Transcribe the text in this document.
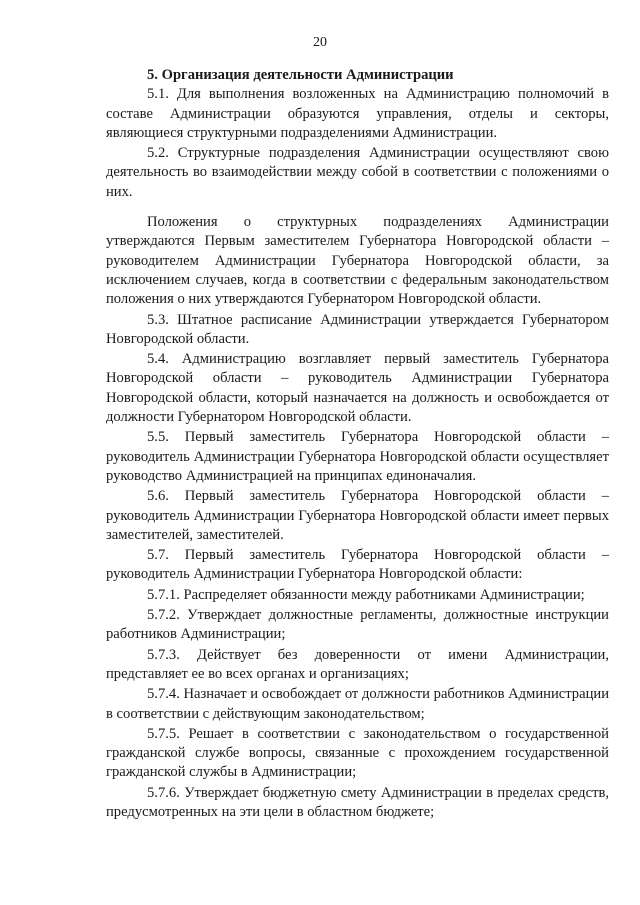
20

5. Организация деятельности Администрации

5.1. Для выполнения возложенных на Администрацию полномочий в составе Администрации образуются управления, отделы и секторы, являющиеся структурными подразделениями Администрации.

5.2. Структурные подразделения Администрации осуществляют свою деятельность во взаимодействии между собой в соответствии с положениями о них.

Положения о структурных подразделениях Администрации утверждаются Первым заместителем Губернатора Новгородской области – руководителем Администрации Губернатора Новгородской области, за исключением случаев, когда в соответствии с федеральным законодательством положения о них утверждаются Губернатором Новгородской области.

5.3. Штатное расписание Администрации утверждается Губернатором Новгородской области.

5.4. Администрацию возглавляет первый заместитель Губернатора Новгородской области – руководитель Администрации Губернатора Новгородской области, который назначается на должность и освобождается от должности Губернатором Новгородской области.

5.5. Первый заместитель Губернатора Новгородской области – руководитель Администрации Губернатора Новгородской области осуществляет руководство Администрацией на принципах единоначалия.

5.6. Первый заместитель Губернатора Новгородской области – руководитель Администрации Губернатора Новгородской области имеет первых заместителей, заместителей.

5.7. Первый заместитель Губернатора Новгородской области – руководитель Администрации Губернатора Новгородской области:

5.7.1. Распределяет обязанности между работниками Администрации;

5.7.2. Утверждает должностные регламенты, должностные инструкции работников Администрации;

5.7.3. Действует без доверенности от имени Администрации, представляет ее во всех органах и организациях;

5.7.4. Назначает и освобождает от должности работников Администрации в соответствии с действующим законодательством;

5.7.5. Решает в соответствии с законодательством о государственной гражданской службе вопросы, связанные с прохождением государственной гражданской службы в Администрации;

5.7.6. Утверждает бюджетную смету Администрации в пределах средств, предусмотренных на эти цели в областном бюджете;
